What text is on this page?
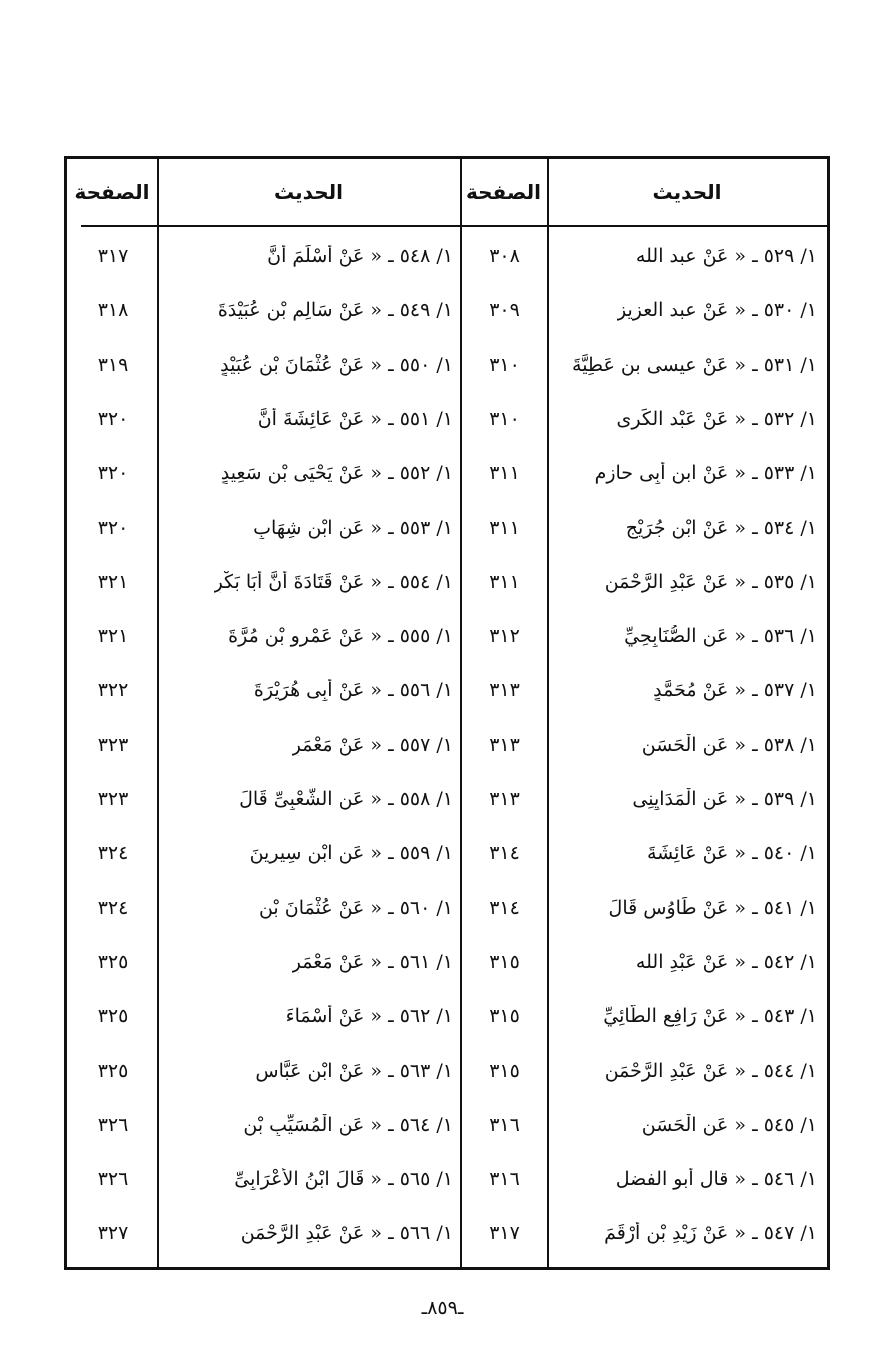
الحديث
الصفحة
الحديث
الصفحة
١/ ٥٢٩ ـ « عَنْ عبد الله
٣٠٨
١/ ٥٣٠ ـ « عَنْ عبد العزيز
٣٠٩
١/ ٥٣١ ـ « عَنْ عيسى بن عَطِيَّةَ
٣١٠
١/ ٥٣٢ ـ « عَنْ عَبْد الكَرى
٣١٠
١/ ٥٣٣ ـ « عَنْ ابن أَبِى حازِمٍ
٣١١
١/ ٥٣٤ ـ « عَنْ ابْنِ جُرَيْجٍ
٣١١
١/ ٥٣٥ ـ « عَنْ عَبْدِ الرَّحْمَنِ
٣١١
١/ ٥٣٦ ـ « عَنِ الصُّنَابِحِيِّ
٣١٢
١/ ٥٣٧ ـ « عَنْ مُحَمَّدٍ
٣١٣
١/ ٥٣٨ ـ « عَنِ الْحَسَنِ
٣١٣
١/ ٥٣٩ ـ « عَنِ الْمَدَايِنِى
٣١٣
١/ ٥٤٠ ـ « عَنْ عَائِشَةَ
٣١٤
١/ ٥٤١ ـ « عَنْ طَاوُسٍ قَالَ
٣١٤
١/ ٥٤٢ ـ « عَنْ عَبْدِ الله
٣١٥
١/ ٥٤٣ ـ « عَنْ رَافِعٍ الطَّائِيِّ
٣١٥
١/ ٥٤٤ ـ « عَنْ عَبْدِ الرَّحْمَنِ
٣١٥
١/ ٥٤٥ ـ « عَنِ الْحَسَنِ
٣١٦
١/ ٥٤٦ ـ « قال أبو الفضل
٣١٦
١/ ٥٤٧ ـ « عَنْ زَيْدِ بْنِ أَرْقَمَ
٣١٧
١/ ٥٤٨ ـ « عَنْ أَسْلَمَ أَنَّ
٣١٧
١/ ٥٤٩ ـ « عَنْ سَالِمِ بْنِ عُبَيْدَةَ
٣١٨
١/ ٥٥٠ ـ « عَنْ عُثْمَانَ بْنِ عُبَيْدٍ
٣١٩
١/ ٥٥١ ـ « عَنْ عَائِشَةَ أَنَّ
٣٢٠
١/ ٥٥٢ ـ « عَنْ يَحْيَى بْنِ سَعِيدٍ
٣٢٠
١/ ٥٥٣ ـ « عَنِ ابْنِ شِهَابٍ
٣٢٠
١/ ٥٥٤ ـ « عَنْ قَتَادَةَ أَنَّ أَبَا بَكْرٍ
٣٢١
١/ ٥٥٥ ـ « عَنْ عَمْرِو بْنِ مُرَّةَ
٣٢١
١/ ٥٥٦ ـ « عَنْ أَبِى هُرَيْرَةَ
٣٢٢
١/ ٥٥٧ ـ « عَنْ مَعْمَرٍ
٣٢٣
١/ ٥٥٨ ـ « عَنِ الشَّعْبِىِّ قَالَ
٣٢٣
١/ ٥٥٩ ـ « عَنِ ابْنِ سِيرِينَ
٣٢٤
١/ ٥٦٠ ـ « عَنْ عُثْمَانَ بْنِ
٣٢٤
١/ ٥٦١ ـ « عَنْ مَعْمَرٍ
٣٢٥
١/ ٥٦٢ ـ « عَنْ أَسْمَاءَ
٣٢٥
١/ ٥٦٣ ـ « عَنْ ابْنِ عَبَّاسٍ
٣٢٥
١/ ٥٦٤ ـ « عَنِ الْمُسَيِّبِ بْنِ
٣٢٦
١/ ٥٦٥ ـ « قَالَ ابْنُ الأَعْرَابِىِّ
٣٢٦
١/ ٥٦٦ ـ « عَنْ عَبْدِ الرَّحْمَنِ
٣٢٧
ـ٨٥٩ـ
